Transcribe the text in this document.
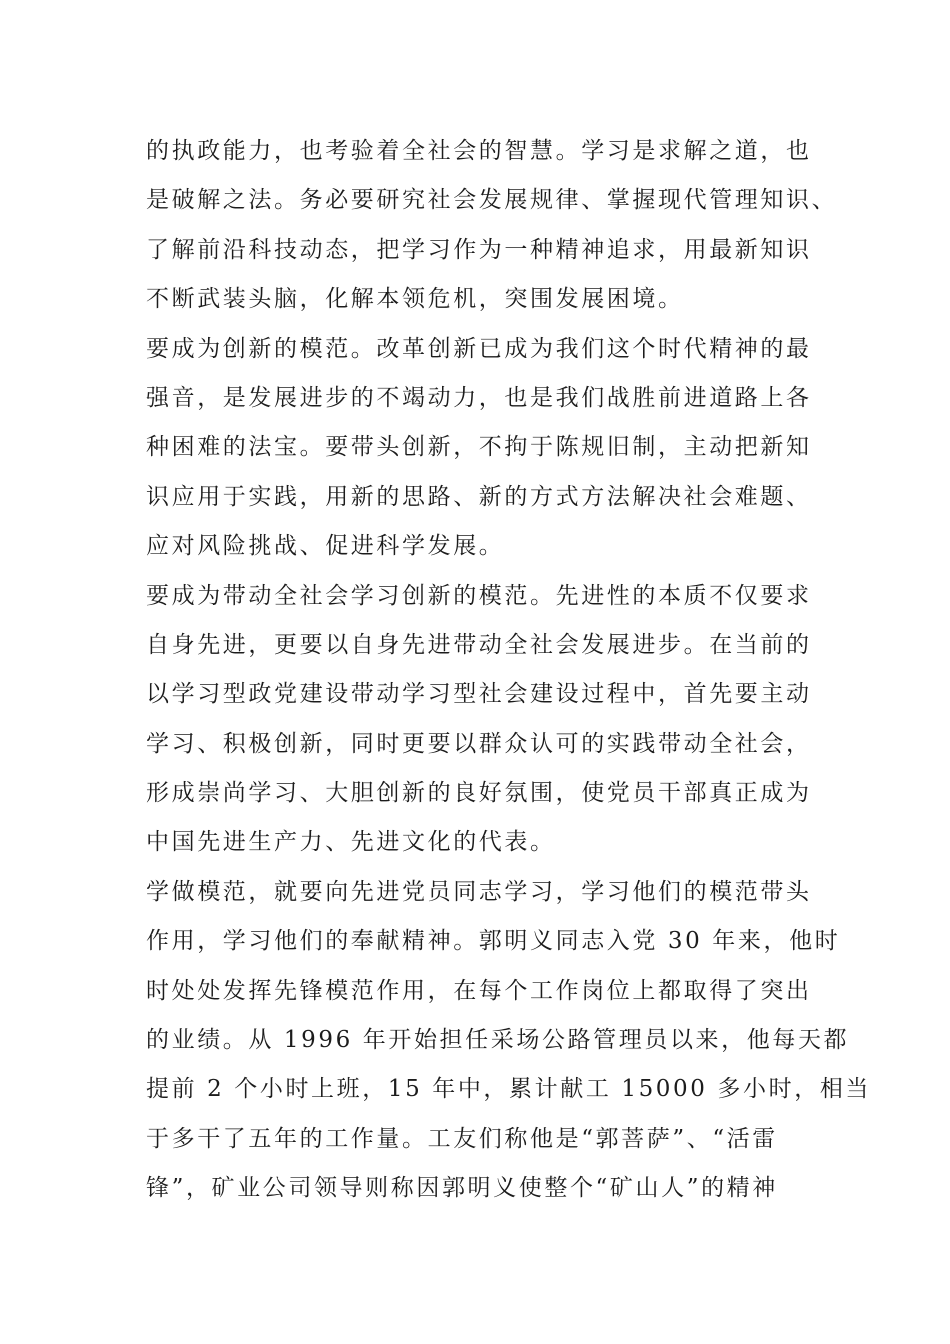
的执政能力，也考验着全社会的智慧。学习是求解之道，也
是破解之法。务必要研究社会发展规律、掌握现代管理知识、
了解前沿科技动态，把学习作为一种精神追求，用最新知识
不断武装头脑，化解本领危机，突围发展困境。
要成为创新的模范。改革创新已成为我们这个时代精神的最
强音，是发展进步的不竭动力，也是我们战胜前进道路上各
种困难的法宝。要带头创新，不拘于陈规旧制，主动把新知
识应用于实践，用新的思路、新的方式方法解决社会难题、
应对风险挑战、促进科学发展。
要成为带动全社会学习创新的模范。先进性的本质不仅要求
自身先进，更要以自身先进带动全社会发展进步。在当前的
以学习型政党建设带动学习型社会建设过程中，首先要主动
学习、积极创新，同时更要以群众认可的实践带动全社会，
形成崇尚学习、大胆创新的良好氛围，使党员干部真正成为
中国先进生产力、先进文化的代表。
学做模范，就要向先进党员同志学习，学习他们的模范带头
作用，学习他们的奉献精神。郭明义同志入党 30 年来，他时
时处处发挥先锋模范作用，在每个工作岗位上都取得了突出
的业绩。从 1996 年开始担任采场公路管理员以来，他每天都
提前 2 个小时上班，15 年中，累计献工 15000 多小时，相当
于多干了五年的工作量。工友们称他是“郭菩萨”、“活雷
锋”，矿业公司领导则称因郭明义使整个“矿山人”的精神
